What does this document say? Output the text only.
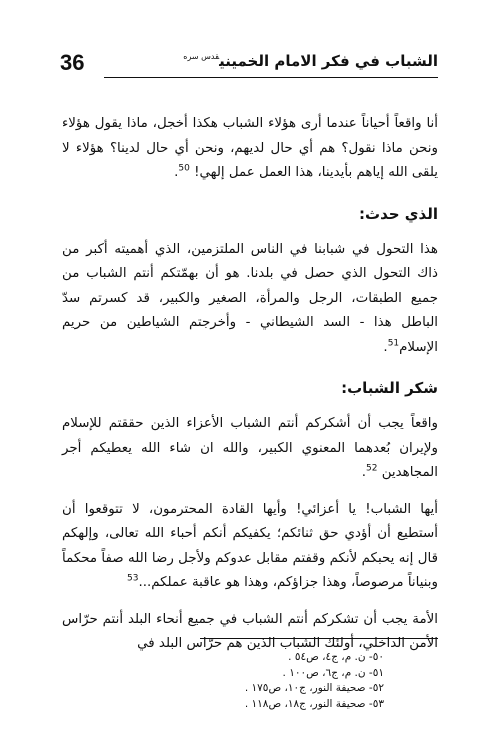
36	الشباب في فكر الامام الخميني$^{قدس سره}$

أنا واقعاً أحياناً عندما أرى هؤلاء الشباب هكذا أخجل، ماذا يقول هؤلاء ونحن ماذا نقول؟ هم أي حال لديهم، ونحن أي حال لدينا؟ هؤلاء لا يلقى الله إياهم بأيدينا، هذا العمل عمل إلهي! $^{50}$.

الذي حدث:

هذا التحول في شبابنا في الناس الملتزمين، الذي أهميته أكبر من ذاك التحول الذي حصل في بلدنا. هو أن بهمّتكم أنتم الشباب من جميع الطبقات، الرجل والمرأة، الصغير والكبير، قد كسرتم سدّ الباطل هذا - السد الشيطاني - وأخرجتم الشياطين من حريم الإسلام$^{51}$.

شكر الشباب:

واقعاً يجب أن أشكركم أنتم الشباب الأعزاء الذين حققتم للإسلام ولإيران بُعدهما المعنوي الكبير، والله ان شاء الله يعطيكم أجر المجاهدين $^{52}$.

أيها الشباب! يا أعزائي! وأيها القادة المحترمون، لا تتوقعوا أن أستطيع أن أؤدي حق ثنائكم؛ يكفيكم أنكم أحباء الله تعالى، وإلهكم قال إنه يحبكم لأنكم وقفتم مقابل عدوكم ولأجل رضا الله صفاً محكماً وبنياناً مرصوصاً، وهذا جزاؤكم، وهذا هو عاقبة عملكم...$^{53}$

الأمة يجب أن تشكركم أنتم الشباب في جميع أنحاء البلد أنتم حرّاس الأمن الداخلي، أولئك الشباب الذين هم حرّاس البلد في

٥٠- ن. م، ج٤، ص٥٤ .
٥١- ن. م، ج٦، ص١٠٠ .
٥٢- صحيفة النور، ج١٠، ص١٧٥ .
٥٣- صحيفة النور، ج١٨، ص١١٨ .
